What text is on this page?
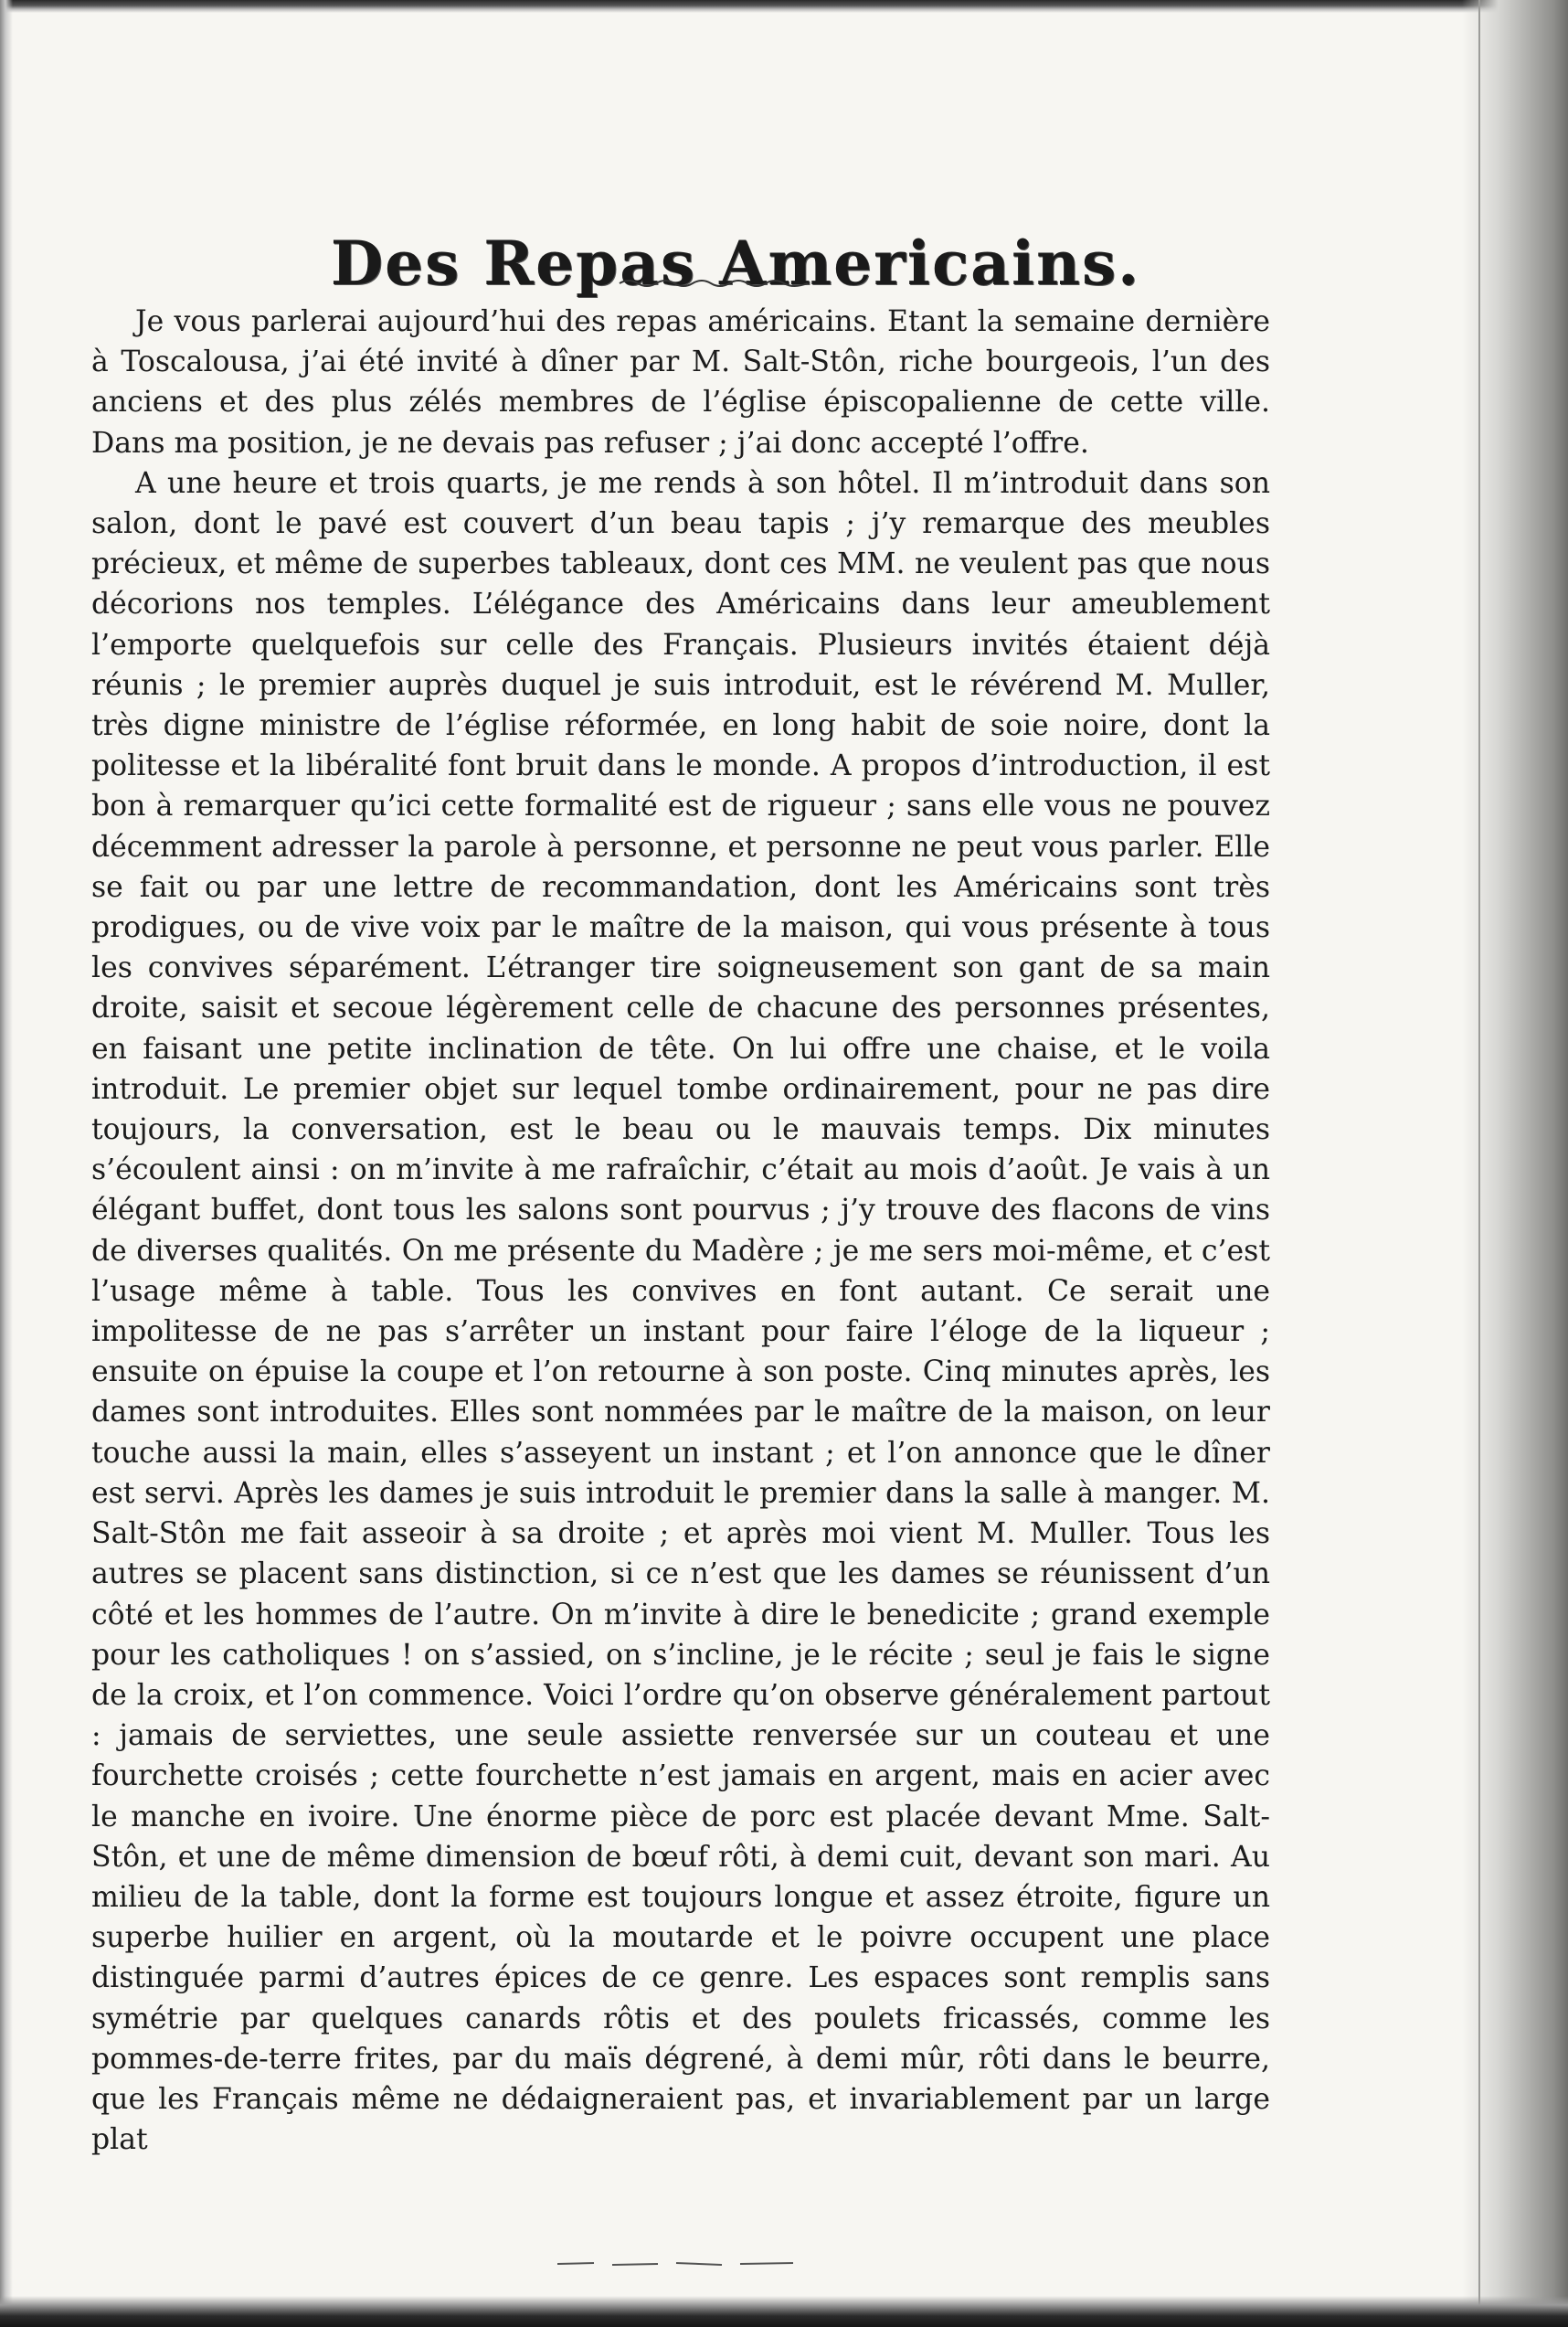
Des Repas Americains.

Je vous parlerai aujourd’hui des repas américains. Etant la semaine dernière à Toscalousa, j’ai été invité à dîner par M. Salt-Stôn, riche bourgeois, l’un des anciens et des plus zélés membres de l’église épiscopalienne de cette ville. Dans ma position, je ne devais pas refuser ; j’ai donc accepté l’offre.

A une heure et trois quarts, je me rends à son hôtel. Il m’introduit dans son salon, dont le pavé est couvert d’un beau tapis ; j’y remarque des meubles précieux, et même de superbes tableaux, dont ces MM. ne veulent pas que nous décorions nos temples. L’élégance des Américains dans leur ameublement l’emporte quelquefois sur celle des Français. Plusieurs invités étaient déjà réunis ; le premier auprès duquel je suis introduit, est le révérend M. Muller, très digne ministre de l’église réformée, en long habit de soie noire, dont la politesse et la libéralité font bruit dans le monde. A propos d’introduction, il est bon à remarquer qu’ici cette formalité est de rigueur ; sans elle vous ne pouvez décemment adresser la parole à personne, et personne ne peut vous parler. Elle se fait ou par une lettre de recommandation, dont les Américains sont très prodigues, ou de vive voix par le maître de la maison, qui vous présente à tous les convives séparément. L’étranger tire soigneusement son gant de sa main droite, saisit et secoue légèrement celle de chacune des personnes présentes, en faisant une petite inclination de tête. On lui offre une chaise, et le voila introduit. Le premier objet sur lequel tombe ordinairement, pour ne pas dire toujours, la conversation, est le beau ou le mauvais temps. Dix minutes s’écoulent ainsi : on m’invite à me rafraîchir, c’était au mois d’août. Je vais à un élégant buffet, dont tous les salons sont pourvus ; j’y trouve des flacons de vins de diverses qualités. On me présente du Madère ; je me sers moi-même, et c’est l’usage même à table. Tous les convives en font autant. Ce serait une impolitesse de ne pas s’arrêter un instant pour faire l’éloge de la liqueur ; ensuite on épuise la coupe et l’on retourne à son poste. Cinq minutes après, les dames sont introduites. Elles sont nommées par le maître de la maison, on leur touche aussi la main, elles s’asseyent un instant ; et l’on annonce que le dîner est servi. Après les dames je suis introduit le premier dans la salle à manger. M. Salt-Stôn me fait asseoir à sa droite ; et après moi vient M. Muller. Tous les autres se placent sans distinction, si ce n’est que les dames se réunissent d’un côté et les hommes de l’autre. On m’invite à dire le benedicite ; grand exemple pour les catholiques ! on s’assied, on s’incline, je le récite ; seul je fais le signe de la croix, et l’on commence. Voici l’ordre qu’on observe généralement partout : jamais de serviettes, une seule assiette renversée sur un couteau et une fourchette croisés ; cette fourchette n’est jamais en argent, mais en acier avec le manche en ivoire. Une énorme pièce de porc est placée devant Mme. Salt-Stôn, et une de même dimension de bœuf rôti, à demi cuit, devant son mari. Au milieu de la table, dont la forme est toujours longue et assez étroite, figure un superbe huilier en argent, où la moutarde et le poivre occupent une place distinguée parmi d’autres épices de ce genre. Les espaces sont remplis sans symétrie par quelques canards rôtis et des poulets fricassés, comme les pommes-de-terre frites, par du maïs dégrené, à demi mûr, rôti dans le beurre, que les Français même ne dédaigneraient pas, et invariablement par un large plat
